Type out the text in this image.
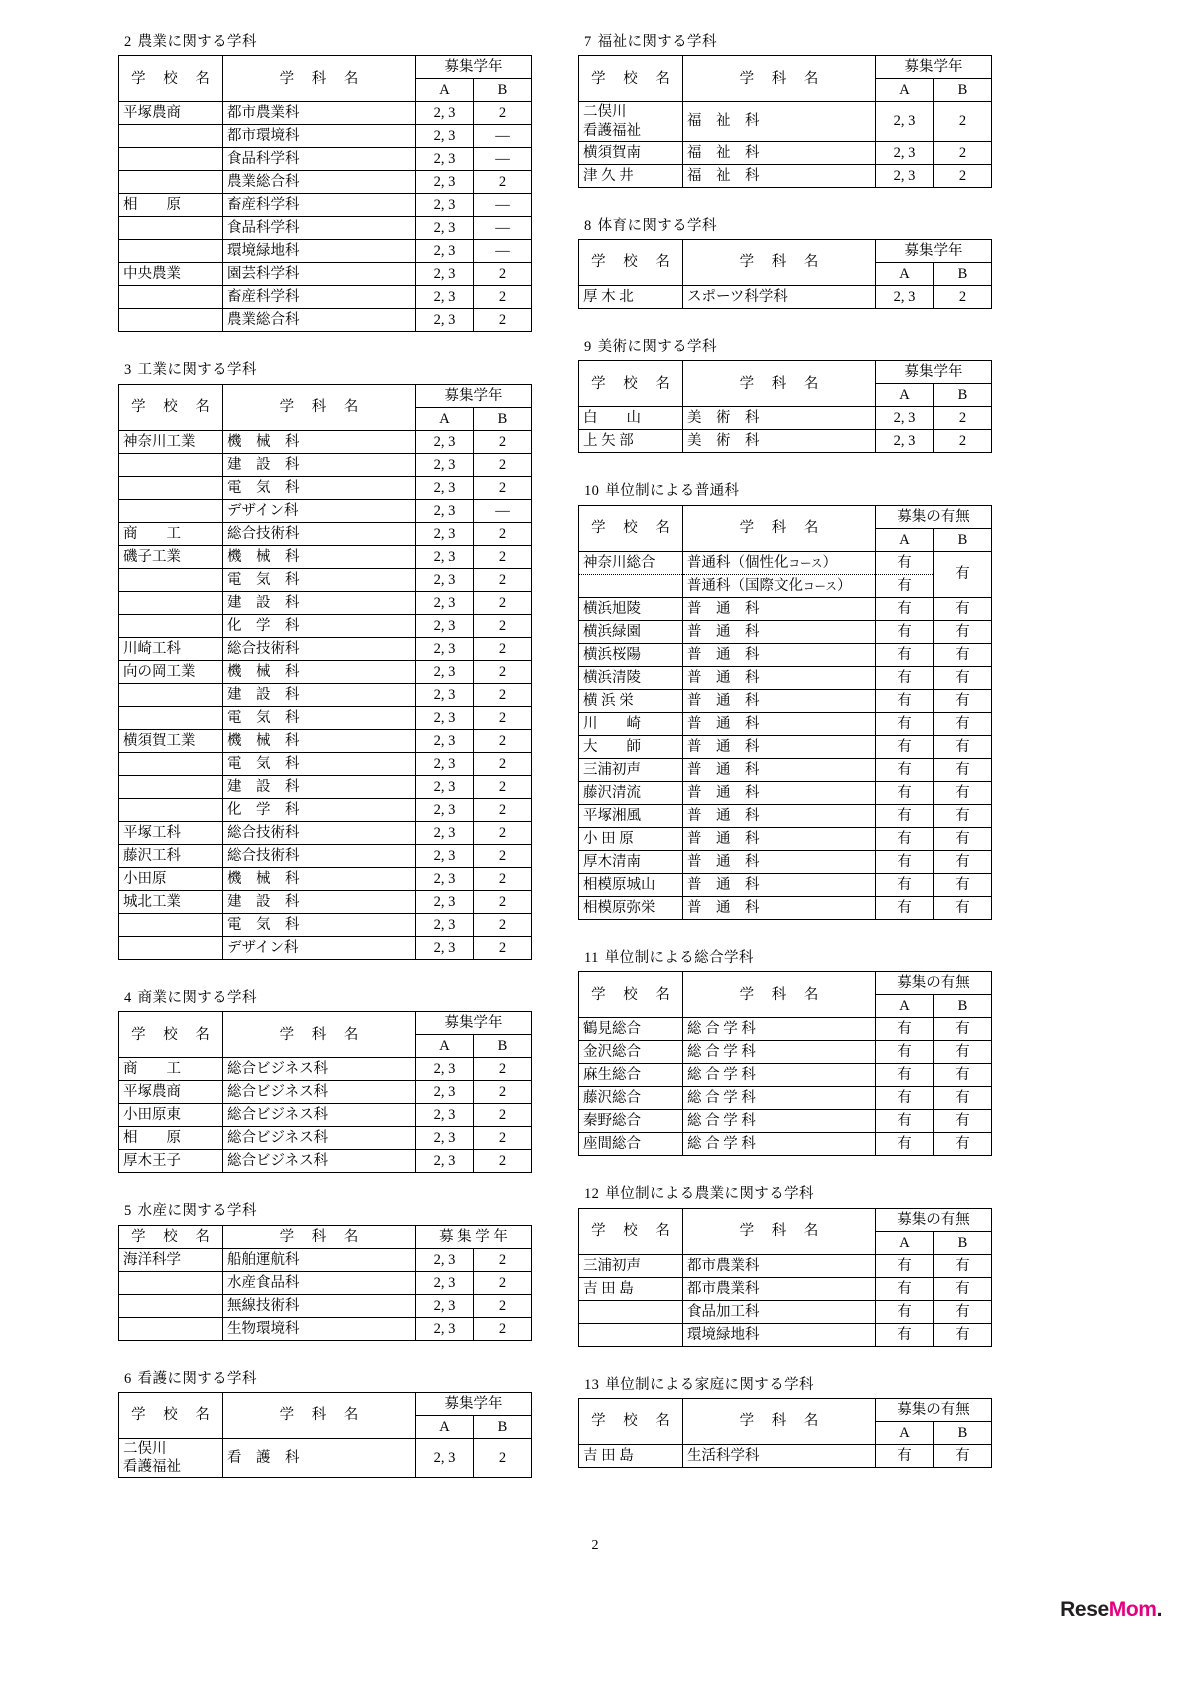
2 農業に関する学科
学 校 名	学 科 名	募集学年	
		A	B
平塚農商	都市農業科	2, 3	2
	都市環境科	2, 3	—
	食品科学科	2, 3	—
	農業総合科	2, 3	2
相　　原	畜産科学科	2, 3	—
	食品科学科	2, 3	—
	環境緑地科	2, 3	—
中央農業	園芸科学科	2, 3	2
	畜産科学科	2, 3	2
	農業総合科	2, 3	2
3 工業に関する学科
学 校 名	学 科 名	募集学年	
		A	B
神奈川工業	機　械　科	2, 3	2
	建　設　科	2, 3	2
	電　気　科	2, 3	2
	デザイン科	2, 3	—
商　　工	総合技術科	2, 3	2
磯子工業	機　械　科	2, 3	2
	電　気　科	2, 3	2
	建　設　科	2, 3	2
	化　学　科	2, 3	2
川崎工科	総合技術科	2, 3	2
向の岡工業	機　械　科	2, 3	2
	建　設　科	2, 3	2
	電　気　科	2, 3	2
横須賀工業	機　械　科	2, 3	2
	電　気　科	2, 3	2
	建　設　科	2, 3	2
	化　学　科	2, 3	2
平塚工科	総合技術科	2, 3	2
藤沢工科	総合技術科	2, 3	2
小田原	機　械　科	2, 3	2
城北工業	建　設　科	2, 3	2
	電　気　科	2, 3	2
	デザイン科	2, 3	2
4 商業に関する学科
学 校 名	学 科 名	募集学年	
		A	B
商　　工	総合ビジネス科	2, 3	2
平塚農商	総合ビジネス科	2, 3	2
小田原東	総合ビジネス科	2, 3	2
相　　原	総合ビジネス科	2, 3	2
厚木王子	総合ビジネス科	2, 3	2
5 水産に関する学科
学 校 名	学 科 名	募 集 学 年	

海洋科学	船舶運航科	2, 3	2
	水産食品科	2, 3	2
	無線技術科	2, 3	2
	生物環境科	2, 3	2
6 看護に関する学科
学 校 名	学 科 名	募集学年	
		A	B
二俣川
看護福祉	看　護　科	2, 3	2
7 福祉に関する学科
学 校 名	学 科 名	募集学年	
		A	B
二俣川
看護福祉	福　祉　科	2, 3	2
横須賀南	福　祉　科	2, 3	2
津 久 井	福　祉　科	2, 3	2
8 体育に関する学科
学 校 名	学 科 名	募集学年	
		A	B
厚 木 北	スポーツ科学科	2, 3	2
9 美術に関する学科
学 校 名	学 科 名	募集学年	
		A	B
白　　山	美　術　科	2, 3	2
上 矢 部	美　術　科	2, 3	2
10 単位制による普通科
学 校 名	学 科 名	募集の有無	
		A	B
神奈川総合	普通科（個性化コース）	有	有
	普通科（国際文化コース）	有	
横浜旭陵	普　通　科	有	有
横浜緑園	普　通　科	有	有
横浜桜陽	普　通　科	有	有
横浜清陵	普　通　科	有	有
横 浜 栄	普　通　科	有	有
川　　崎	普　通　科	有	有
大　　師	普　通　科	有	有
三浦初声	普　通　科	有	有
藤沢清流	普　通　科	有	有
平塚湘風	普　通　科	有	有
小 田 原	普　通　科	有	有
厚木清南	普　通　科	有	有
相模原城山	普　通　科	有	有
相模原弥栄	普　通　科	有	有
11 単位制による総合学科
学 校 名	学 科 名	募集の有無	
		A	B
鶴見総合	総 合 学 科	有	有
金沢総合	総 合 学 科	有	有
麻生総合	総 合 学 科	有	有
藤沢総合	総 合 学 科	有	有
秦野総合	総 合 学 科	有	有
座間総合	総 合 学 科	有	有
12 単位制による農業に関する学科
学 校 名	学 科 名	募集の有無	
		A	B
三浦初声	都市農業科	有	有
吉 田 島	都市農業科	有	有
	食品加工科	有	有
	環境緑地科	有	有
13 単位制による家庭に関する学科
学 校 名	学 科 名	募集の有無	
		A	B
吉 田 島	生活科学科	有	有
2
ReseMom.
